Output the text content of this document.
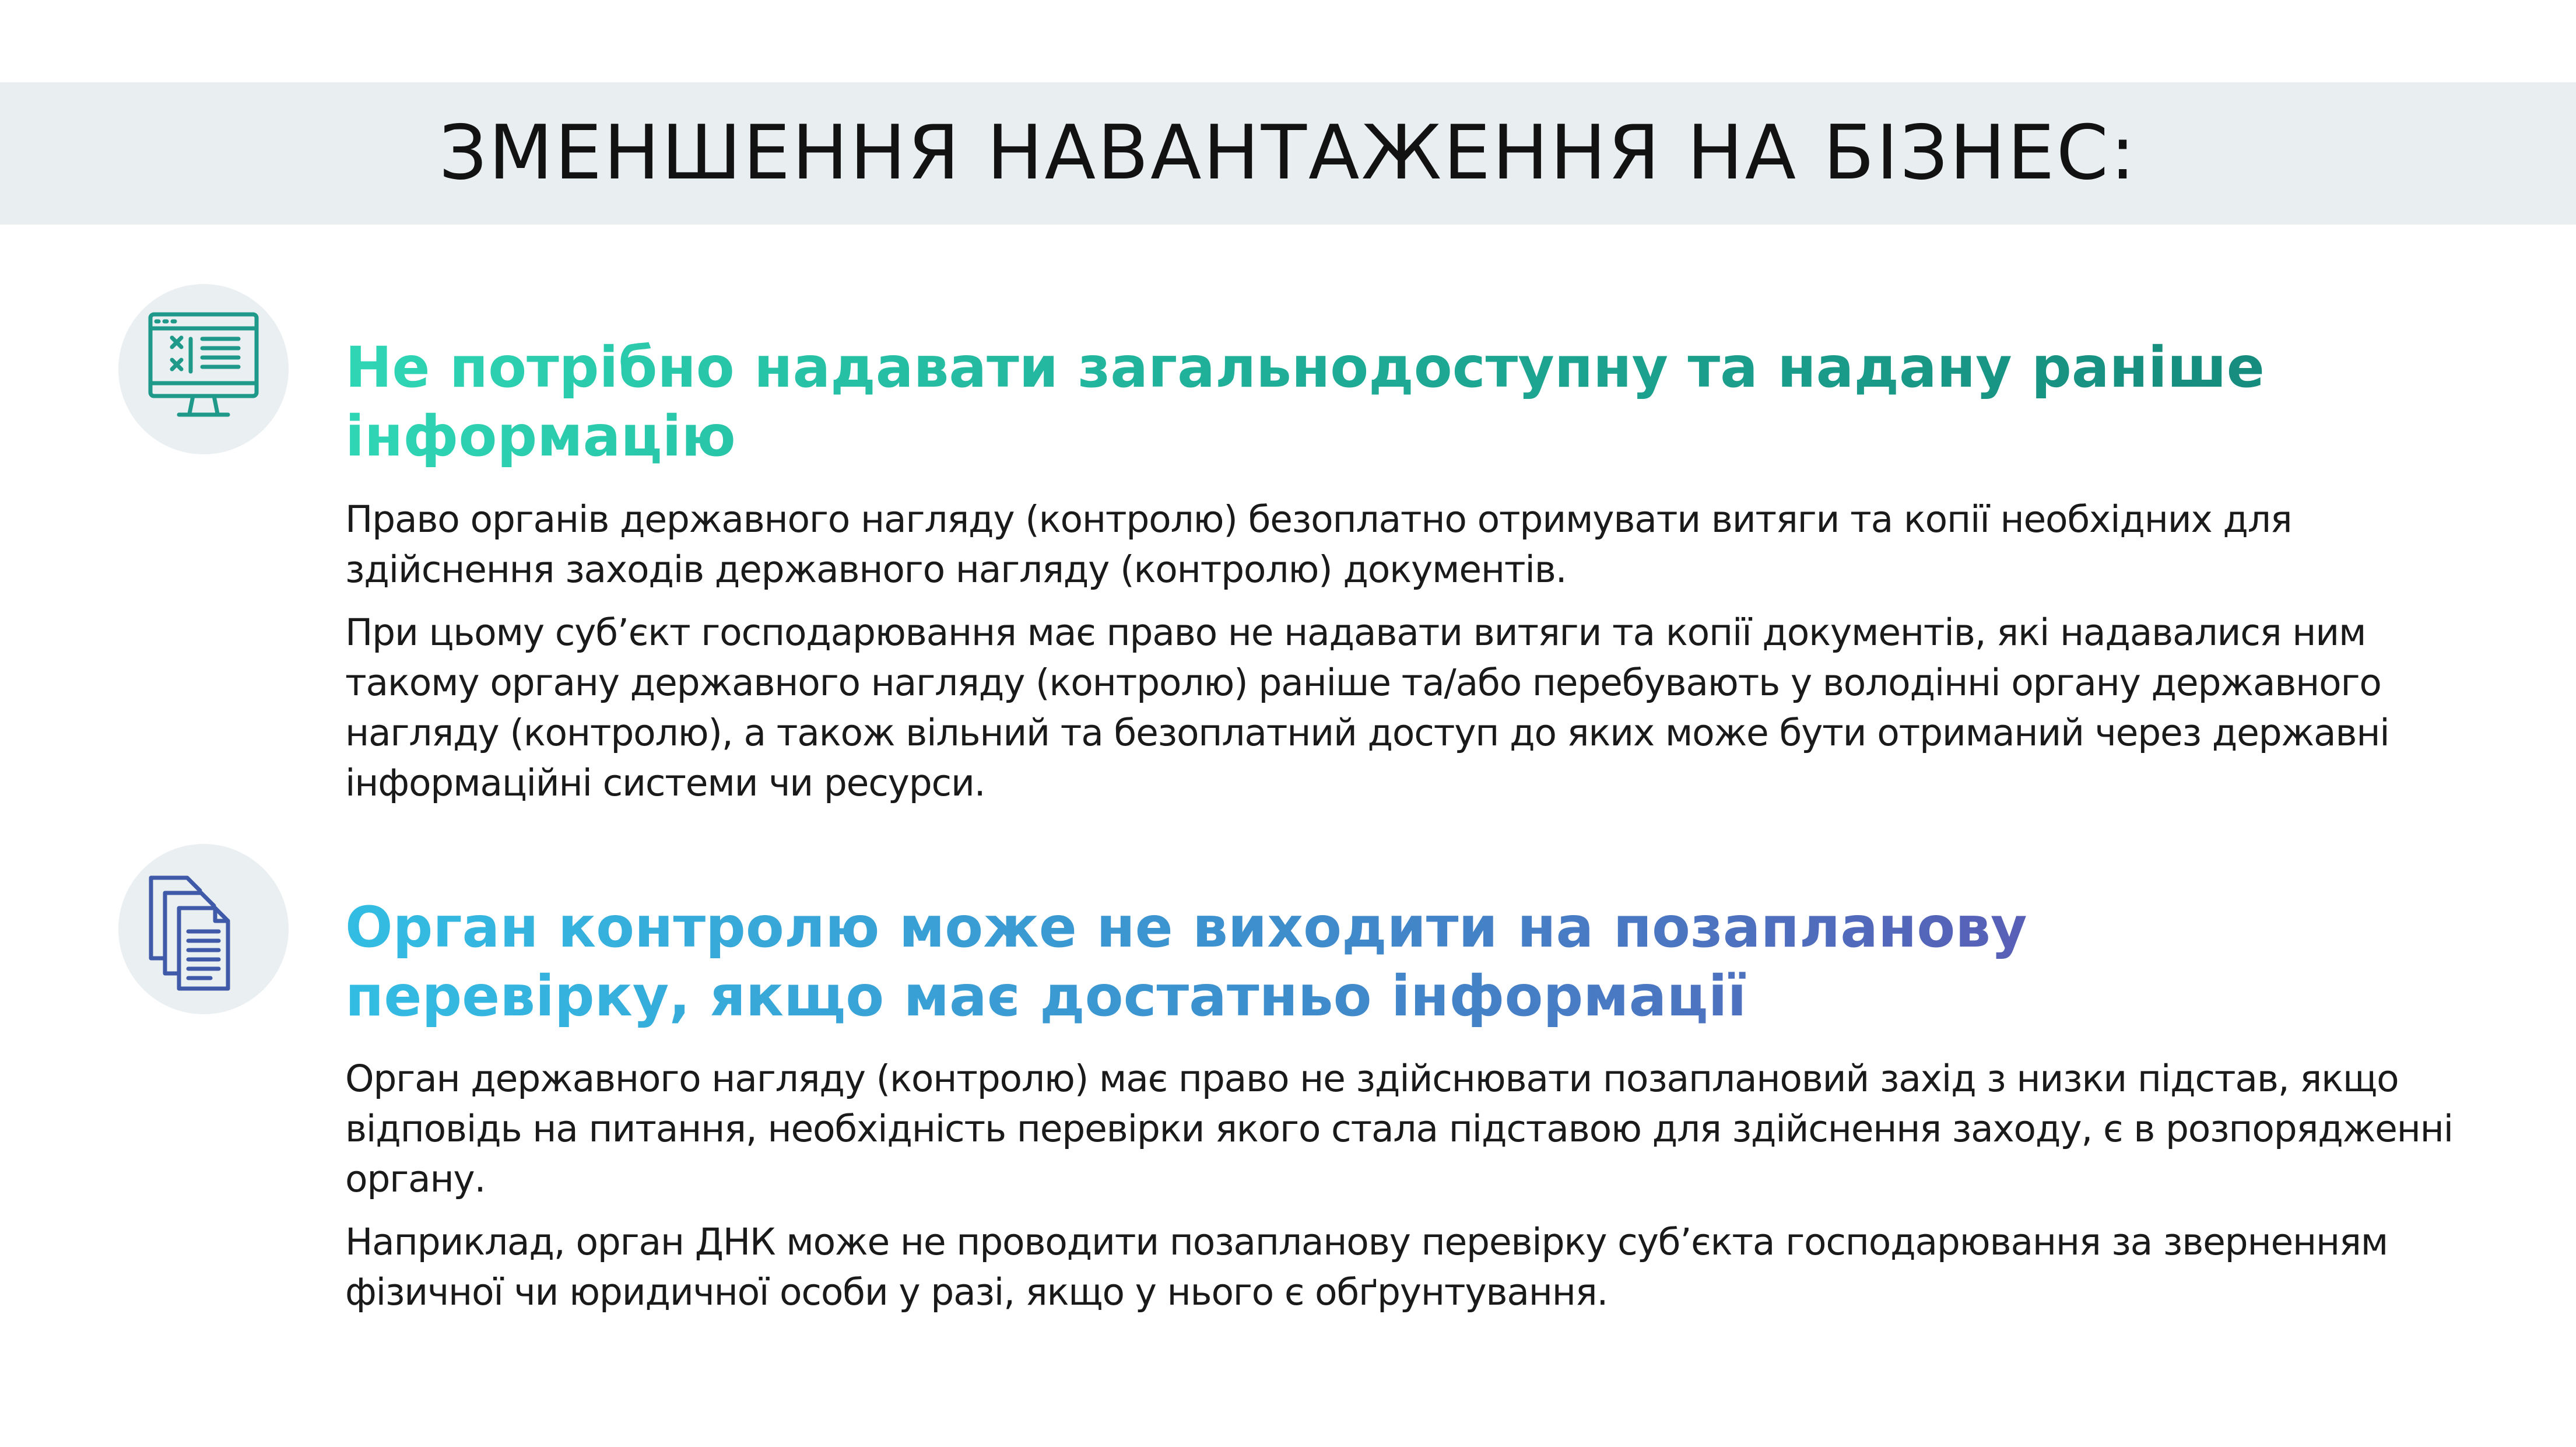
ЗМЕНШЕННЯ НАВАНТАЖЕННЯ НА БІЗНЕС:
Не потрібно надавати загальнодоступну та надану раніше інформацію

Право органів державного нагляду (контролю) безоплатно отримувати витяги та копії необхідних для здійснення заходів державного нагляду (контролю) документів.

При цьому суб’єкт господарювання має право не надавати витяги та копії документів, які надавалися ним такому органу державного нагляду (контролю) раніше та/або перебувають у володінні органу державного нагляду (контролю), а також вільний та безоплатний доступ до яких може бути отриманий через державні інформаційні системи чи ресурси.

Орган контролю може не виходити на позапланову перевірку, якщо має достатньо інформації

Орган державного нагляду (контролю) має право не здійснювати позаплановий захід з низки підстав, якщо відповідь на питання, необхідність перевірки якого стала підставою для здійснення заходу, є в розпорядженні органу.

Наприклад, орган ДНК може не проводити позапланову перевірку суб’єкта господарювання за зверненням фізичної чи юридичної особи у разі, якщо у нього є обґрунтування.
